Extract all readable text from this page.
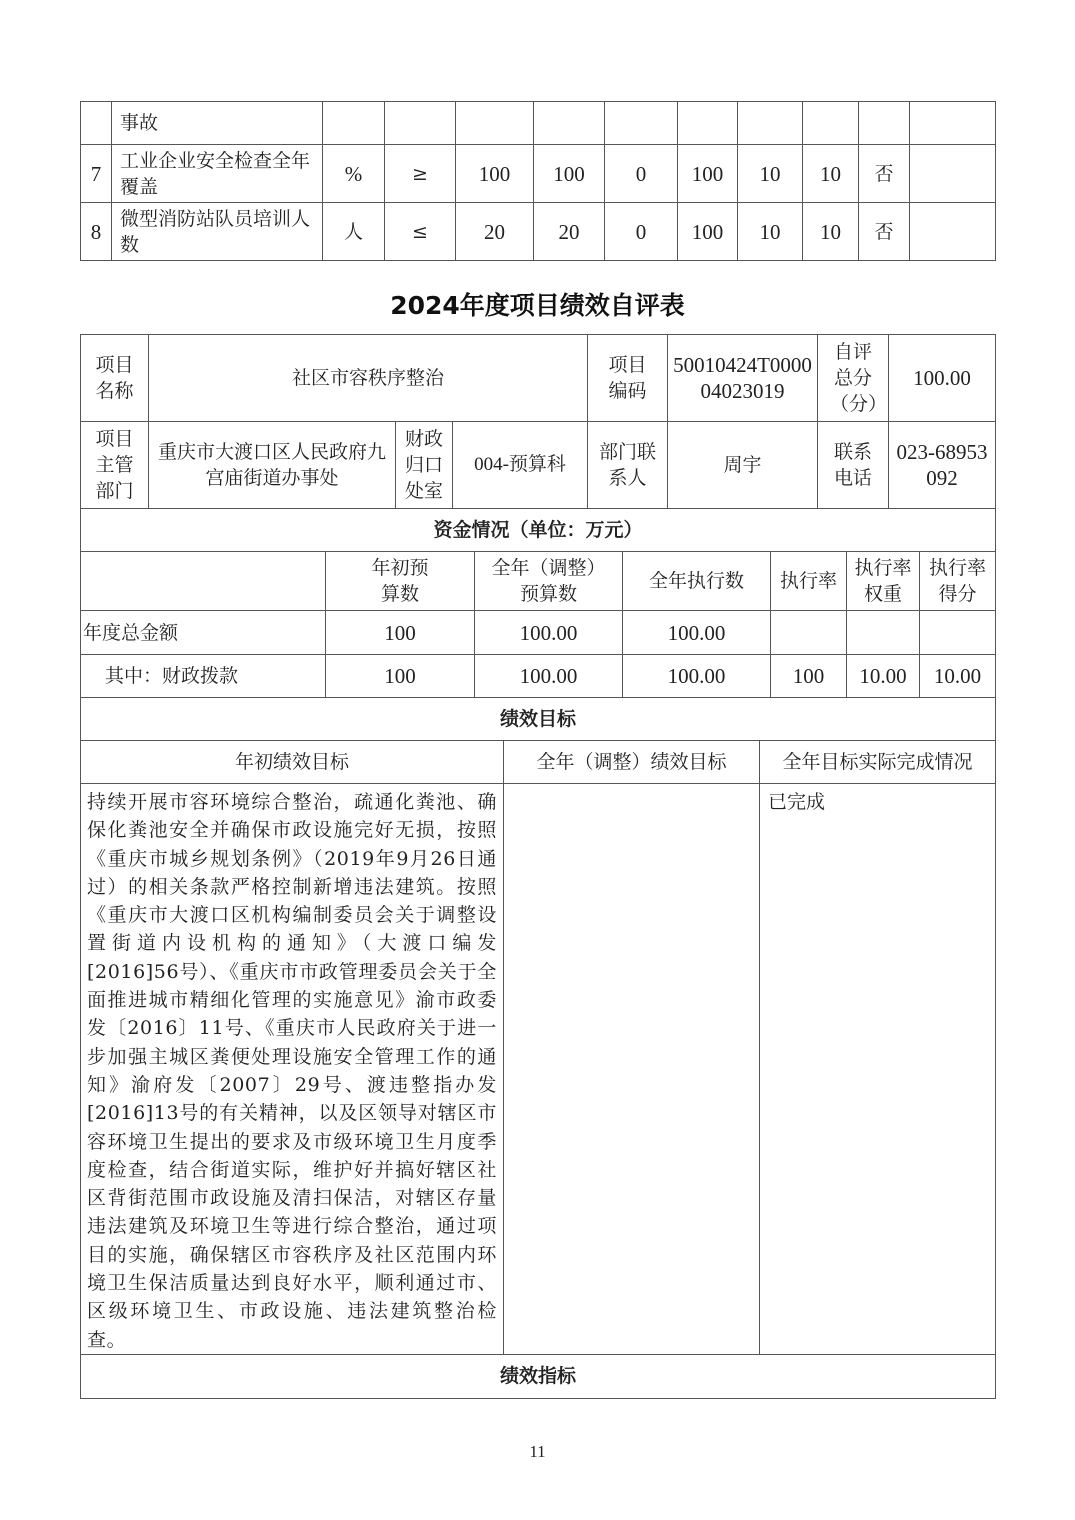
	事故										
7	工业企业安全检查全年覆盖	%	≥	100	100	0	100	10	10	否	
8	微型消防站队员培训人数	人	≤	20	20	0	100	10	10	否	
2024年度项目绩效自评表
项目名称	社区市容秩序整治			项目编码	50010424T000004023019	自评总分（分）	100.00
项目主管部门	重庆市大渡口区人民政府九宫庙街道办事处	财政归口处室	004-预算科	部门联系人	周宇	联系电话	023-68953092
资金情况（单位：万元）						
	年初预算数	全年（调整）预算数	全年执行数	执行率	执行率权重	执行率得分
年度总金额	100	100.00	100.00			
其中：财政拨款	100	100.00	100.00	100	10.00	10.00
绩效目标						
年初绩效目标	全年（调整）绩效目标	全年目标实际完成情况
持续开展市容环境综合整治，疏通化粪池、确保化粪池安全并确保市政设施完好无损，按照《重庆市城乡规划条例》（2019年9月26日通过）的相关条款严格控制新增违法建筑。按照《重庆市大渡口区机构编制委员会关于调整设置街道内设机构的通知》（大渡口编发[2016]56号）、《重庆市市政管理委员会关于全面推进城市精细化管理的实施意见》渝市政委发〔2016〕11号、《重庆市人民政府关于进一步加强主城区粪便处理设施安全管理工作的通知》渝府发〔2007〕29号、渡违整指办发[2016]13号的有关精神，以及区领导对辖区市容环境卫生提出的要求及市级环境卫生月度季度检查，结合街道实际，维护好并搞好辖区社区背街范围市政设施及清扫保洁，对辖区存量违法建筑及环境卫生等进行综合整治，通过项目的实施，确保辖区市容秩序及社区范围内环境卫生保洁质量达到良好水平，顺利通过市、区级环境卫生、市政设施、违法建筑整治检查。		已完成
绩效指标		
11
